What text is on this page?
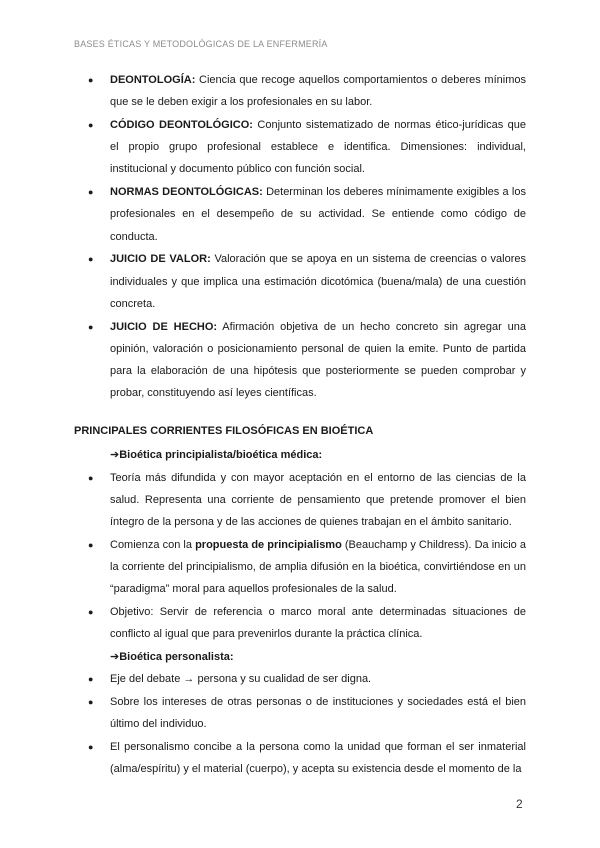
BASES ÉTICAS Y METODOLÓGICAS DE LA ENFERMERÍA
● DEONTOLOGÍA: Ciencia que recoge aquellos comportamientos o deberes mínimos que se le deben exigir a los profesionales en su labor.
● CÓDIGO DEONTOLÓGICO: Conjunto sistematizado de normas ético-jurídicas que el propio grupo profesional establece e identifica. Dimensiones: individual, institucional y documento público con función social.
● NORMAS DEONTOLÓGICAS: Determinan los deberes mínimamente exigibles a los profesionales en el desempeño de su actividad. Se entiende como código de conducta.
● JUICIO DE VALOR: Valoración que se apoya en un sistema de creencias o valores individuales y que implica una estimación dicotómica (buena/mala) de una cuestión concreta.
● JUICIO DE HECHO: Afirmación objetiva de un hecho concreto sin agregar una opinión, valoración o posicionamiento personal de quien la emite. Punto de partida para la elaboración de una hipótesis que posteriormente se pueden comprobar y probar, constituyendo así leyes científicas.
PRINCIPALES CORRIENTES FILOSÓFICAS EN BIOÉTICA
➔Bioética principialista/bioética médica:
● Teoría más difundida y con mayor aceptación en el entorno de las ciencias de la salud. Representa una corriente de pensamiento que pretende promover el bien íntegro de la persona y de las acciones de quienes trabajan en el ámbito sanitario.
● Comienza con la propuesta de principialismo (Beauchamp y Childress). Da inicio a la corriente del principialismo, de amplia difusión en la bioética, convirtiéndose en un “paradigma” moral para aquellos profesionales de la salud.
● Objetivo: Servir de referencia o marco moral ante determinadas situaciones de conflicto al igual que para prevenirlos durante la práctica clínica.
➔Bioética personalista:
● Eje del debate → persona y su cualidad de ser digna.
● Sobre los intereses de otras personas o de instituciones y sociedades está el bien último del individuo.
● El personalismo concibe a la persona como la unidad que forman el ser inmaterial (alma/espíritu) y el material (cuerpo), y acepta su existencia desde el momento de la
2
